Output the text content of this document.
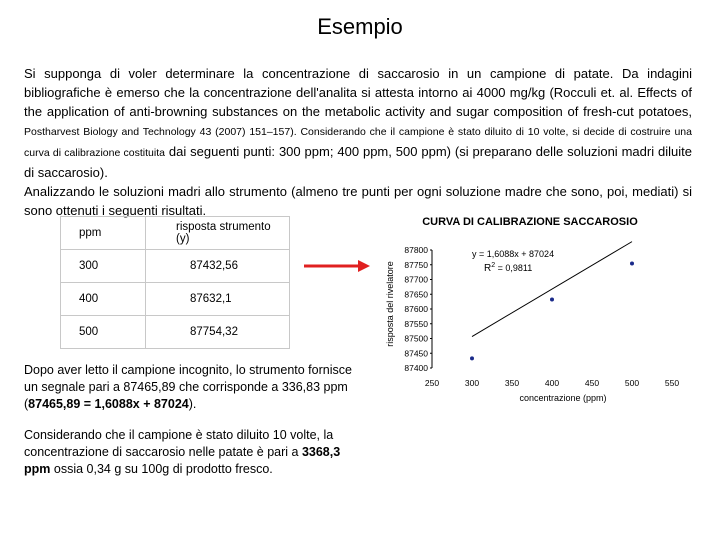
Esempio
Si supponga di voler determinare la concentrazione di saccarosio in un campione di patate. Da indagini bibliografiche è emerso che la concentrazione dell'analita si attesta intorno ai 4000 mg/kg (Rocculi et. al. Effects of the application of anti-browning substances on the metabolic activity and sugar composition of fresh-cut potatoes, Postharvest Biology and Technology 43 (2007) 151–157). Considerando che il campione è stato diluito di 10 volte, si decide di costruire una curva di calibrazione costituita dai seguenti punti: 300 ppm; 400 ppm, 500 ppm) (si preparano delle soluzioni madri diluite di saccarosio).
Analizzando le soluzioni madri allo strumento (almeno tre punti per ogni soluzione madre che sono, poi, mediati) si sono ottenuti i seguenti risultati.
ppm	risposta strumento (y)
300	87432,56
400	87632,1
500	87754,32
CURVA DI CALIBRAZIONE SACCAROSIO
87400
87450
87500
87550
87600
87650
87700
87750
87800
250	300	350	400	450	500	550
y = 1,6088x + 87024
$R^2 = 0,9811$
concentrazione (ppm)
risposta del rivelatore

Dopo aver letto il campione incognito, lo strumento fornisce un segnale pari a 87465,89 che corrisponde a 336,83 ppm (87465,89 = 1,6088x + 87024).

Considerando che il campione è stato diluito 10 volte, la concentrazione di saccarosio nelle patate è pari a 3368,3 ppm ossia 0,34 g su 100g di prodotto fresco.
